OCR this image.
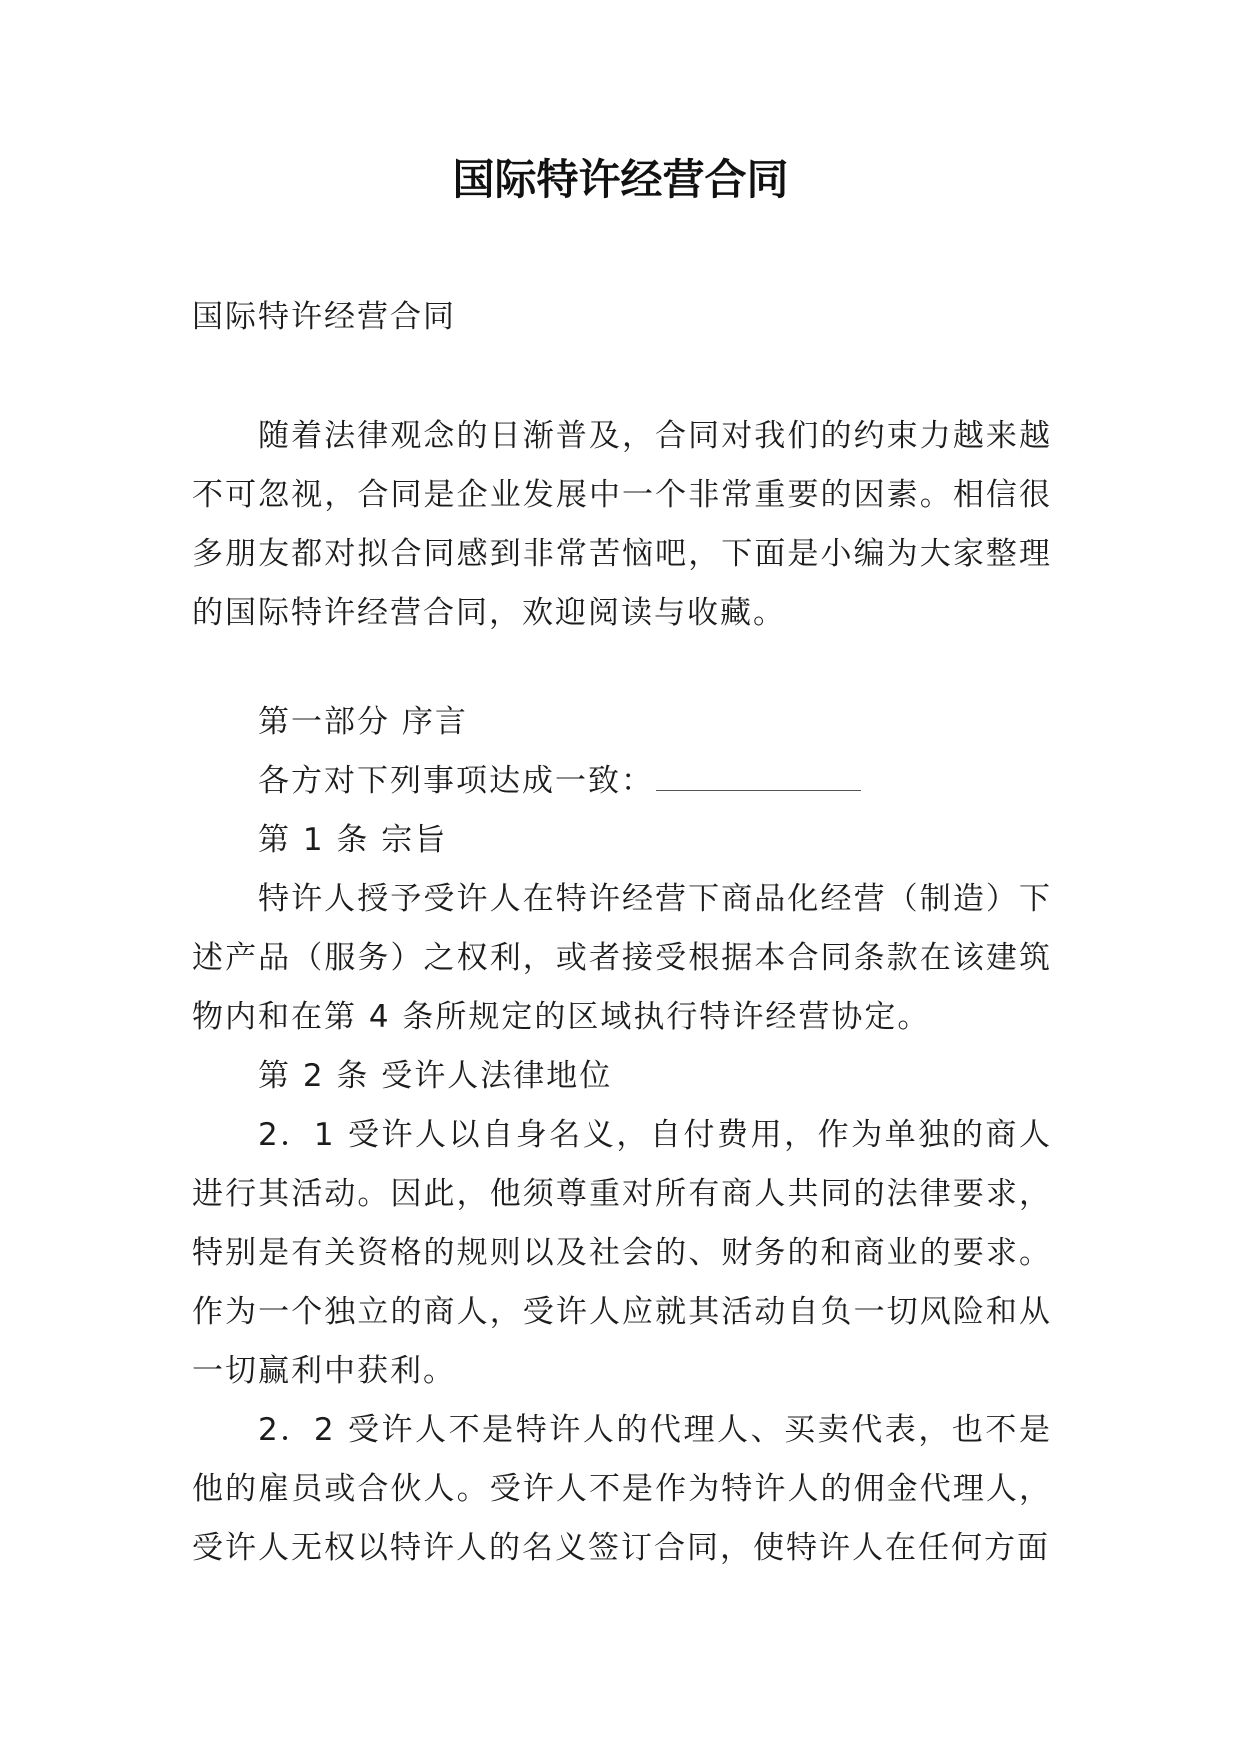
国际特许经营合同

国际特许经营合同

随着法律观念的日渐普及，合同对我们的约束力越来越不可忽视，合同是企业发展中一个非常重要的因素。相信很多朋友都对拟合同感到非常苦恼吧，下面是小编为大家整理的国际特许经营合同，欢迎阅读与收藏。

第一部分 序言

各方对下列事项达成一致：

第 1 条 宗旨

特许人授予受许人在特许经营下商品化经营（制造）下述产品（服务）之权利，或者接受根据本合同条款在该建筑物内和在第 4 条所规定的区域执行特许经营协定。

第 2 条 受许人法律地位

2．1 受许人以自身名义，自付费用，作为单独的商人进行其活动。因此，他须尊重对所有商人共同的法律要求，特别是有关资格的规则以及社会的、财务的和商业的要求。作为一个独立的商人，受许人应就其活动自负一切风险和从一切赢利中获利。

2．2 受许人不是特许人的代理人、买卖代表，也不是他的雇员或合伙人。受许人不是作为特许人的佣金代理人，受许人无权以特许人的名义签订合同，使特许人在任何方面
